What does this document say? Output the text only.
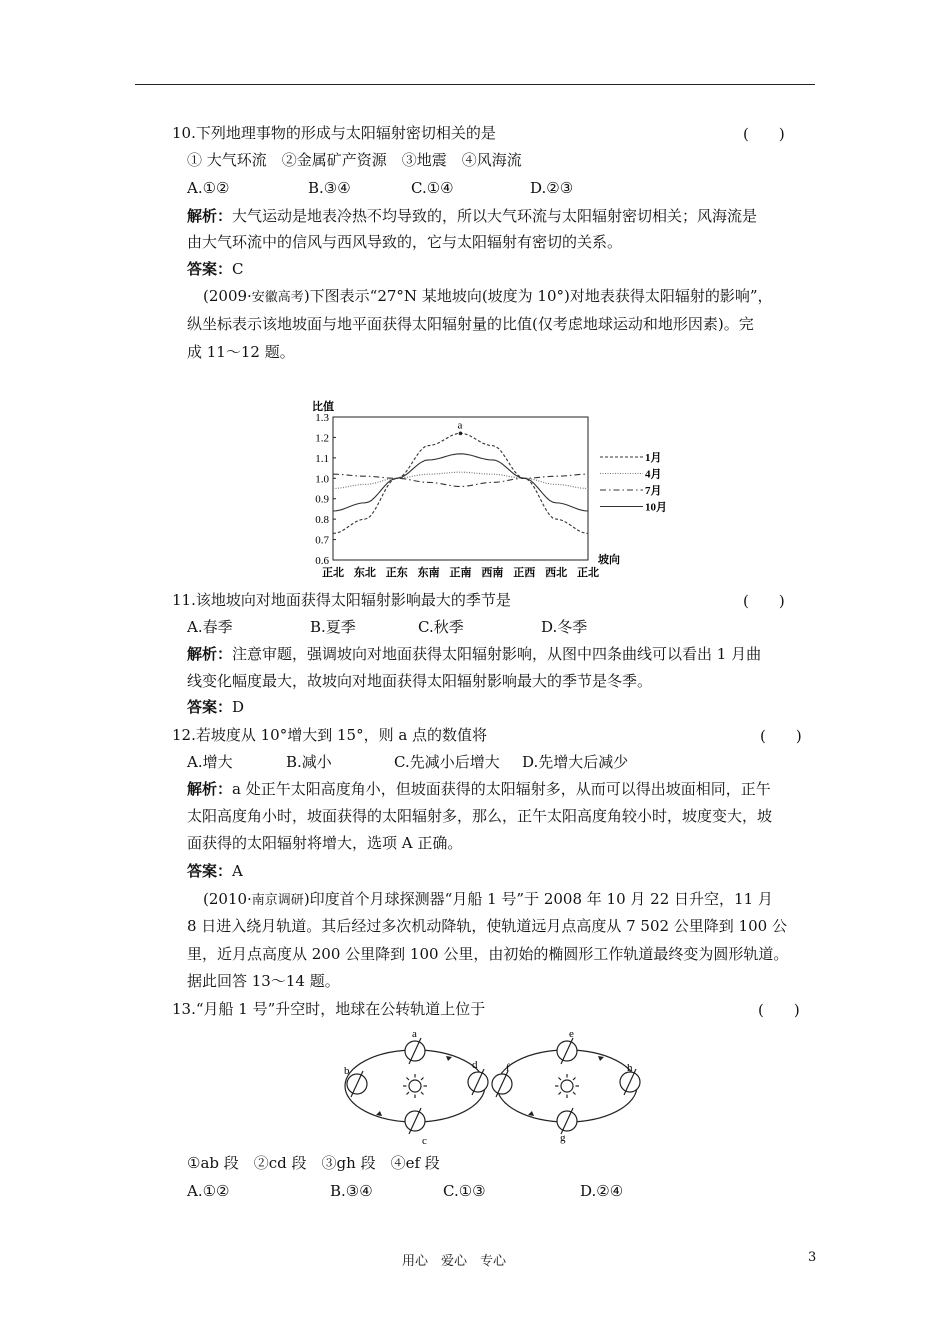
10.下列地理事物的形成与太阳辐射密切相关的是	(　　)
① 大气环流　②金属矿产资源　③地震　④风海流
A.①②	B.③④	C.①④	D.②③
解析：大气运动是地表冷热不均导致的，所以大气环流与太阳辐射密切相关；风海流是
由大气环流中的信风与西风导致的，它与太阳辐射有密切的关系。
答案：C
(2009·安徽高考)下图表示“27°N 某地坡向(坡度为 10°)对地表获得太阳辐射的影响”，
纵坐标表示该地坡面与地平面获得太阳辐射量的比值(仅考虑地球运动和地形因素)。完
成 11～12 题。
比值
坡向
1.3
1.2
1.1
1.0
0.9
0.8
0.7
0.6
正北 东北 正东 东南 正南 西南 正西 西北 正北
1月
4月
7月
10月
a
11.该地坡向对地面获得太阳辐射影响最大的季节是	(　　)
A.春季	B.夏季	C.秋季	D.冬季
解析：注意审题，强调坡向对地面获得太阳辐射影响，从图中四条曲线可以看出 1 月曲
线变化幅度最大，故坡向对地面获得太阳辐射影响最大的季节是冬季。
答案：D
12.若坡度从 10°增大到 15°，则 a 点的数值将	(　　)
A.增大	B.减小	C.先减小后增大 D.先增大后减少
解析：a 处正午太阳高度角小，但坡面获得的太阳辐射多，从而可以得出坡面相同，正午
太阳高度角小时，坡面获得的太阳辐射多，那么，正午太阳高度角较小时，坡度变大，坡
面获得的太阳辐射将增大，选项 A 正确。
答案：A
(2010·南京调研)印度首个月球探测器“月船 1 号”于 2008 年 10 月 22 日升空，11 月
8 日进入绕月轨道。其后经过多次机动降轨，使轨道远月点高度从 7 502 公里降到 100 公
里，近月点高度从 200 公里降到 100 公里，由初始的椭圆形工作轨道最终变为圆形轨道。
据此回答 13～14 题。
13.“月船 1 号”升空时，地球在公转轨道上位于	(　　)
a
b
c
d
e
f
g
h
①ab 段　②cd 段　③gh 段　④ef 段
A.①②	B.③④	C.①③	D.②④
用心　爱心　专心	3
